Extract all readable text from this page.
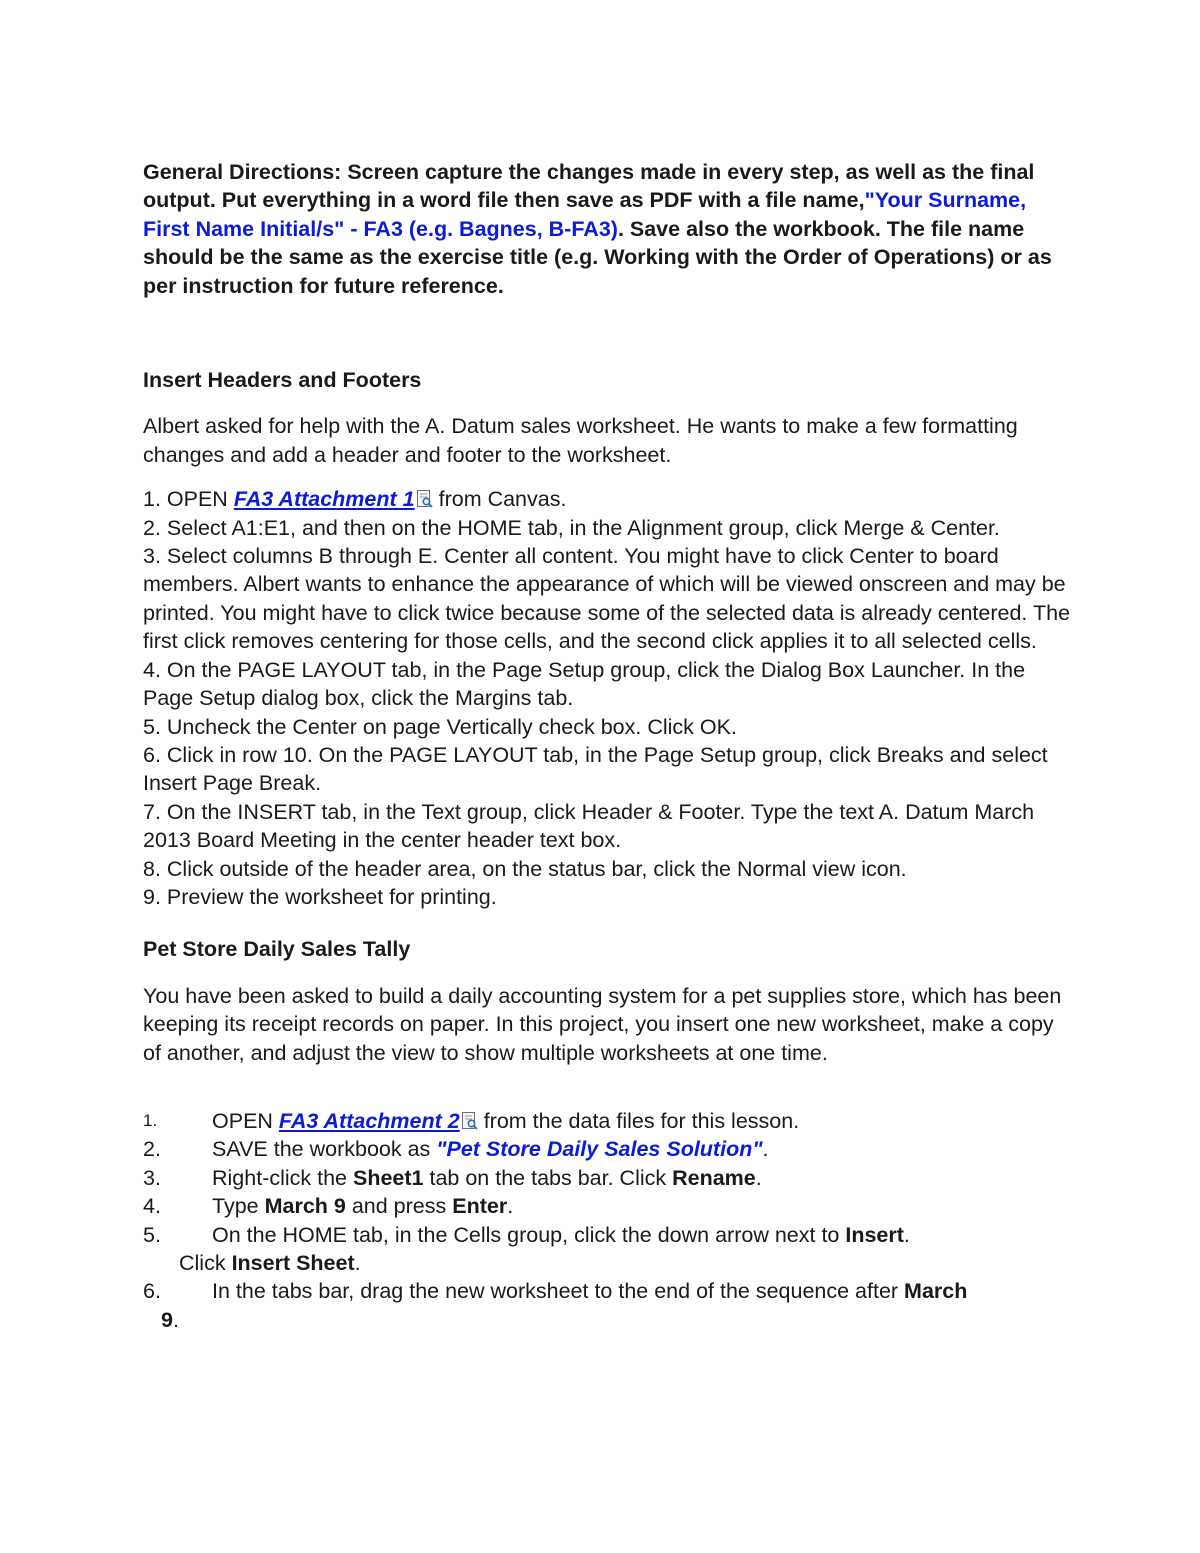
General Directions: Screen capture the changes made in every step, as well as the final output. Put everything in a word file then save as PDF with a file name,"Your Surname, First Name Initial/s" - FA3 (e.g. Bagnes, B-FA3). Save also the workbook. The file name should be the same as the exercise title (e.g. Working with the Order of Operations) or as per instruction for future reference.

Insert Headers and Footers

Albert asked for help with the A. Datum sales worksheet. He wants to make a few formatting changes and add a header and footer to the worksheet.

1. OPEN FA3 Attachment 1 from Canvas.

2. Select A1:E1, and then on the HOME tab, in the Alignment group, click Merge & Center.

3. Select columns B through E. Center all content. You might have to click Center to board members. Albert wants to enhance the appearance of which will be viewed onscreen and may be printed. You might have to click twice because some of the selected data is already centered. The first click removes centering for those cells, and the second click applies it to all selected cells.

4. On the PAGE LAYOUT tab, in the Page Setup group, click the Dialog Box Launcher. In the Page Setup dialog box, click the Margins tab.

5. Uncheck the Center on page Vertically check box. Click OK.

6. Click in row 10. On the PAGE LAYOUT tab, in the Page Setup group, click Breaks and select Insert Page Break.

7. On the INSERT tab, in the Text group, click Header & Footer. Type the text A. Datum March 2013 Board Meeting in the center header text box.

8. Click outside of the header area, on the status bar, click the Normal view icon.

9. Preview the worksheet for printing.

Pet Store Daily Sales Tally

You have been asked to build a daily accounting system for a pet supplies store, which has been keeping its receipt records on paper. In this project, you insert one new worksheet, make a copy of another, and adjust the view to show multiple worksheets at one time.

1.	OPEN FA3 Attachment 2 from the data files for this lesson.
2. SAVE the workbook as "Pet Store Daily Sales Solution".
3. Right-click the Sheet1 tab on the tabs bar. Click Rename.
4. Type March 9 and press Enter.
5. On the HOME tab, in the Cells group, click the down arrow next to Insert.
Click Insert Sheet.
6. In the tabs bar, drag the new worksheet to the end of the sequence after March
9.
